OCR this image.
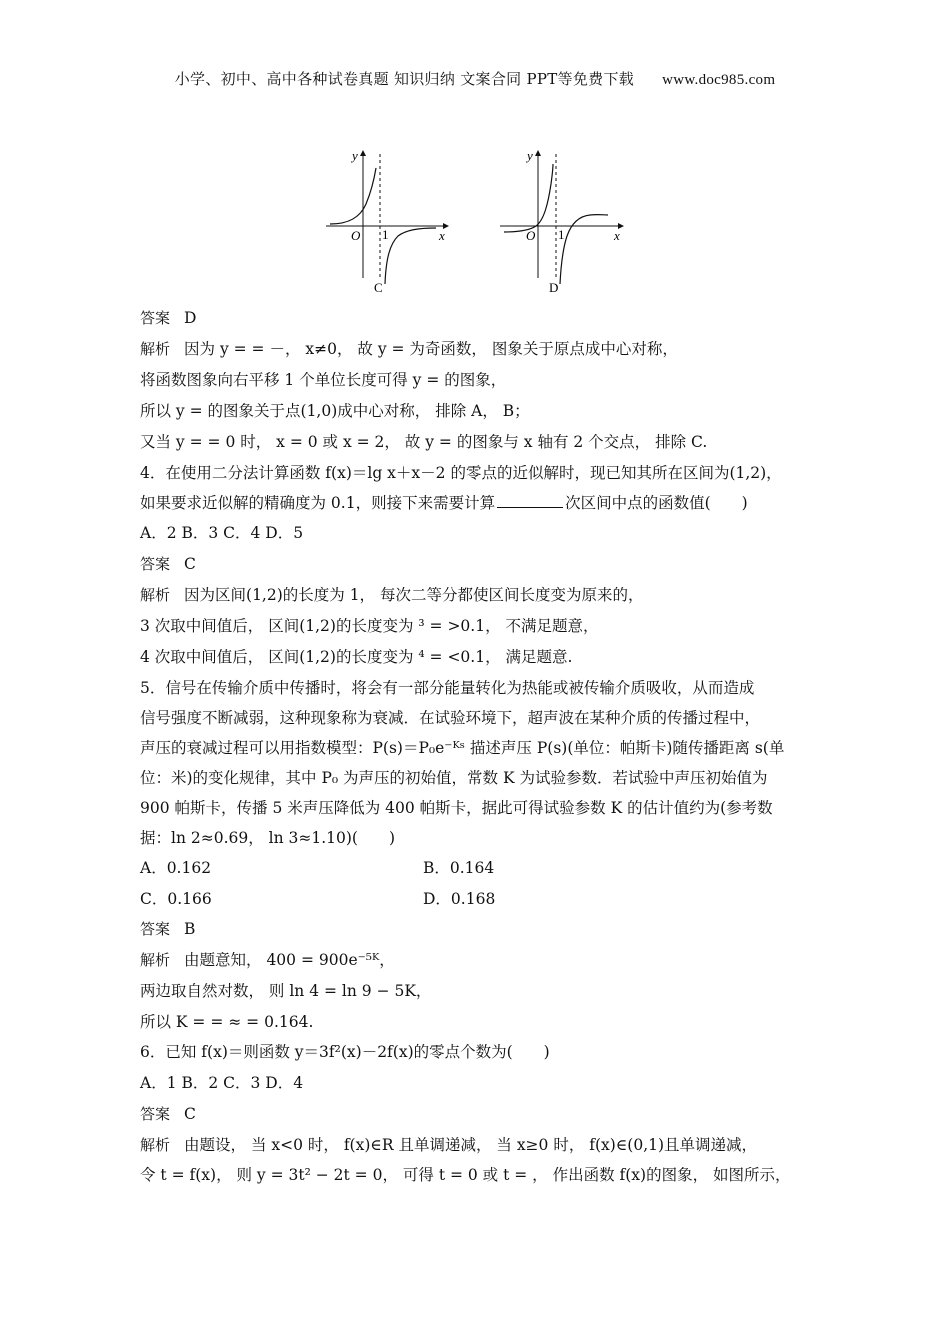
小学、初中、高中各种试卷真题 知识归纳 文案合同 PPT等免费下载 www.doc985.com
O 1	x
y
C
O 1	x
y
D
答案 D
解析 因为 y = = －， x≠0， 故 y = 为奇函数， 图象关于原点成中心对称，
将函数图象向右平移 1 个单位长度可得 y = 的图象，
所以 y = 的图象关于点(1,0)成中心对称， 排除 A， B；
又当 y = = 0 时， x = 0 或 x = 2， 故 y = 的图象与 x 轴有 2 个交点， 排除 C.
4．在使用二分法计算函数 f(x)＝lg x＋x－2 的零点的近似解时，现已知其所在区间为(1,2)，
如果要求近似解的精确度为 0.1，则接下来需要计算	次区间中点的函数值(　　)
A．2 B．3 C．4 D．5
答案 C
解析 因为区间(1,2)的长度为 1， 每次二等分都使区间长度变为原来的，
3 次取中间值后， 区间(1,2)的长度变为 ³ = >0.1， 不满足题意，
4 次取中间值后， 区间(1,2)的长度变为 ⁴ = <0.1， 满足题意.
5．信号在传输介质中传播时，将会有一部分能量转化为热能或被传输介质吸收，从而造成
信号强度不断减弱，这种现象称为衰减．在试验环境下，超声波在某种介质的传播过程中，
声压的衰减过程可以用指数模型：P(s)＝P₀e⁻ᴷˢ 描述声压 P(s)(单位：帕斯卡)随传播距离 s(单
位：米)的变化规律，其中 P₀ 为声压的初始值，常数 K 为试验参数．若试验中声压初始值为
900 帕斯卡，传播 5 米声压降低为 400 帕斯卡，据此可得试验参数 K 的估计值约为(参考数
据：ln 2≈0.69， ln 3≈1.10)(　　)
A．0.162	B．0.164
C．0.166	D．0.168
答案 B
解析 由题意知， 400 = 900e⁻⁵ᴷ，
两边取自然对数， 则 ln 4 = ln 9 − 5K，
所以 K = = ≈ = 0.164.
6．已知 f(x)＝则函数 y＝3f²(x)－2f(x)的零点个数为(　　)
A．1 B．2 C．3 D．4
答案 C
解析 由题设， 当 x<0 时， f(x)∈R 且单调递减， 当 x≥0 时， f(x)∈(0,1)且单调递减，
令 t = f(x)， 则 y = 3t² − 2t = 0， 可得 t = 0 或 t = ， 作出函数 f(x)的图象， 如图所示，
